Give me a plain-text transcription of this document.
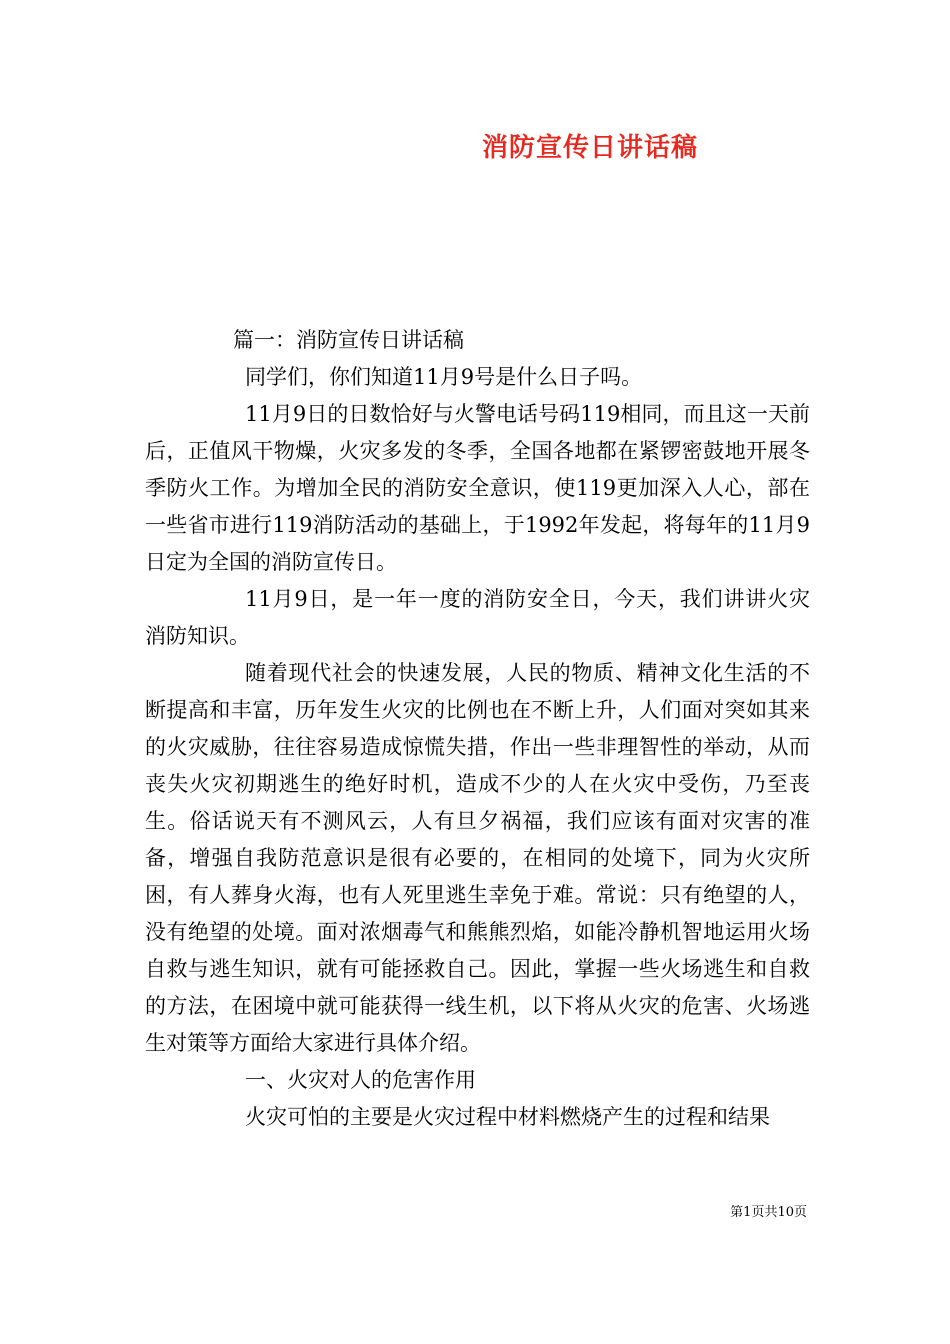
消防宣传日讲话稿

篇一：消防宣传日讲话稿

同学们，你们知道11月9号是什么日子吗。

11月9日的日数恰好与火警电话号码119相同，而且这一天前后，正值风干物燥，火灾多发的冬季，全国各地都在紧锣密鼓地开展冬季防火工作。为增加全民的消防安全意识，使119更加深入人心，部在一些省市进行119消防活动的基础上，于1992年发起，将每年的11月9日定为全国的消防宣传日。

11月9日，是一年一度的消防安全日，今天，我们讲讲火灾消防知识。

随着现代社会的快速发展，人民的物质、精神文化生活的不断提高和丰富，历年发生火灾的比例也在不断上升，人们面对突如其来的火灾威胁，往往容易造成惊慌失措，作出一些非理智性的举动，从而丧失火灾初期逃生的绝好时机，造成不少的人在火灾中受伤，乃至丧生。俗话说天有不测风云，人有旦夕祸福，我们应该有面对灾害的准备，增强自我防范意识是很有必要的，在相同的处境下，同为火灾所困，有人葬身火海，也有人死里逃生幸免于难。常说：只有绝望的人，没有绝望的处境。面对浓烟毒气和熊熊烈焰，如能冷静机智地运用火场自救与逃生知识，就有可能拯救自己。因此，掌握一些火场逃生和自救的方法，在困境中就可能获得一线生机，以下将从火灾的危害、火场逃生对策等方面给大家进行具体介绍。

一、火灾对人的危害作用

火灾可怕的主要是火灾过程中材料燃烧产生的过程和结果

第1页共10页
